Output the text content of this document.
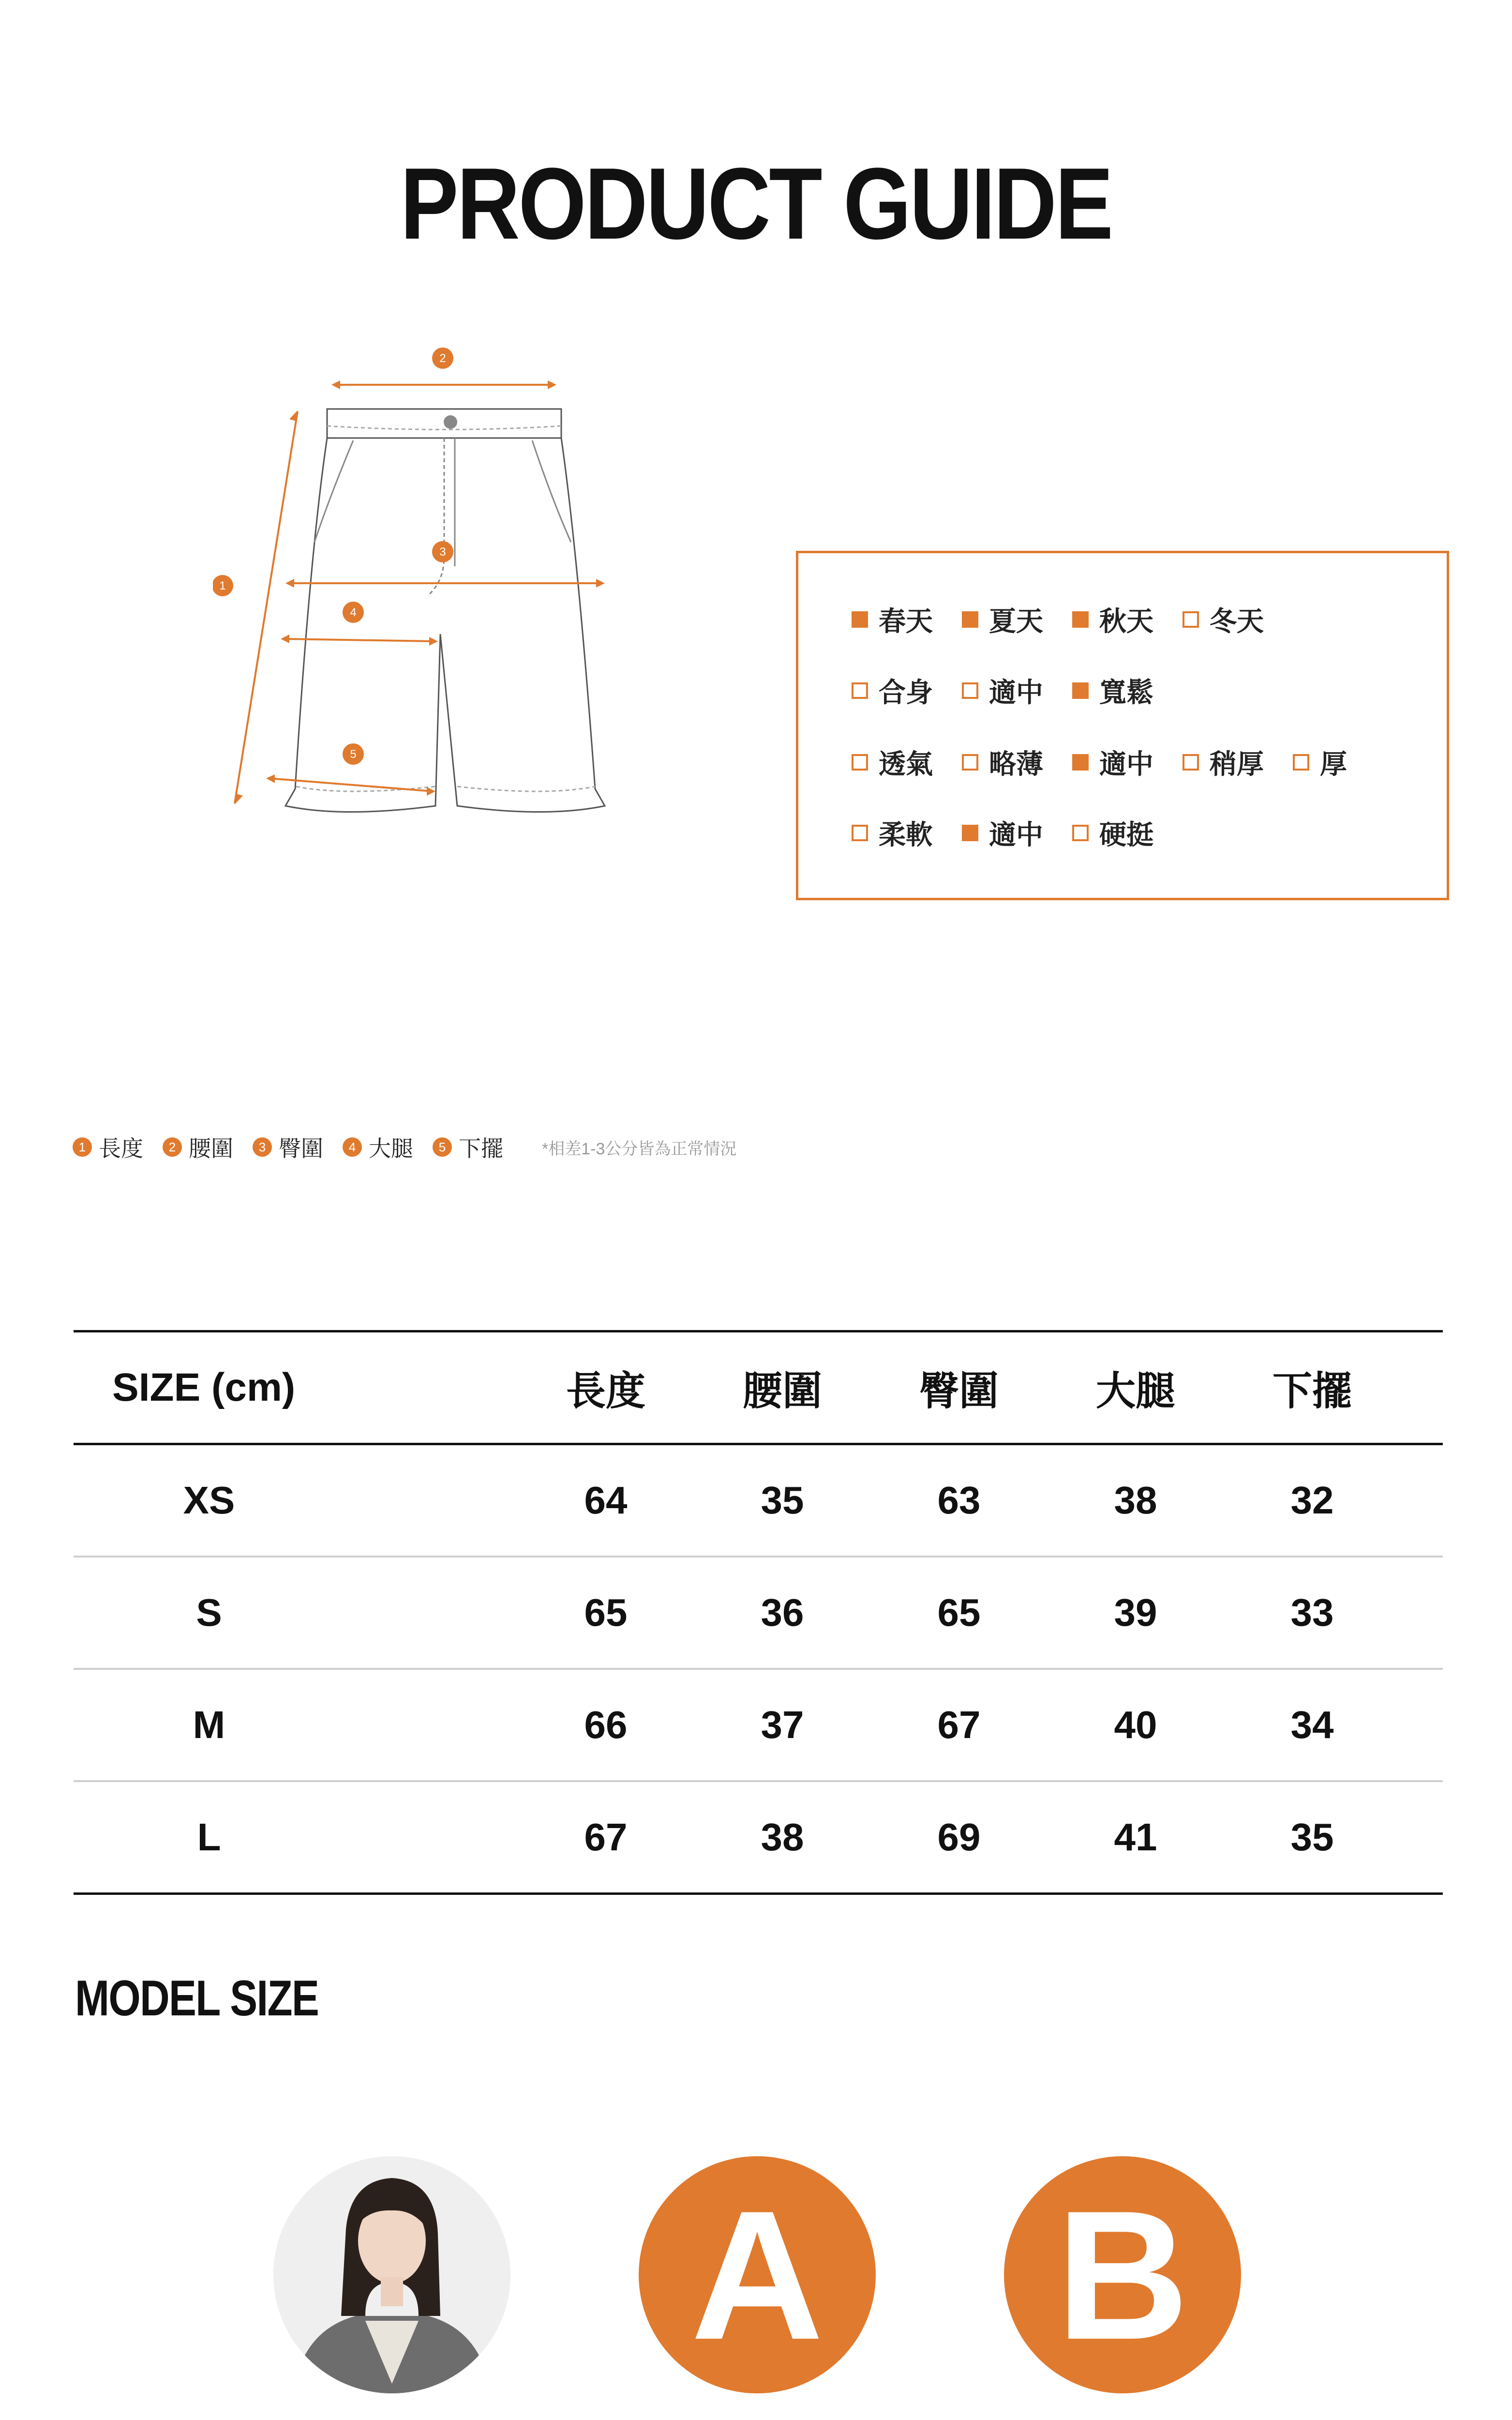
PRODUCT GUIDE
2
1
3
4
5
春天 夏天 秋天 冬天
合身 適中 寬鬆
透氣 略薄 適中 稍厚 厚
柔軟 適中 硬挺
1 長度	2 腰圍	3 臀圍	4 大腿	5 下擺 *相差1-3公分皆為正常情況
SIZE (cm)	長度	腰圍	臀圍	大腿	下擺
XS	64	35	63	38	32
S	65	36	65	39	33
M	66	37	67	40	34
L	67	38	69	41	35
MODEL SIZE
A B
